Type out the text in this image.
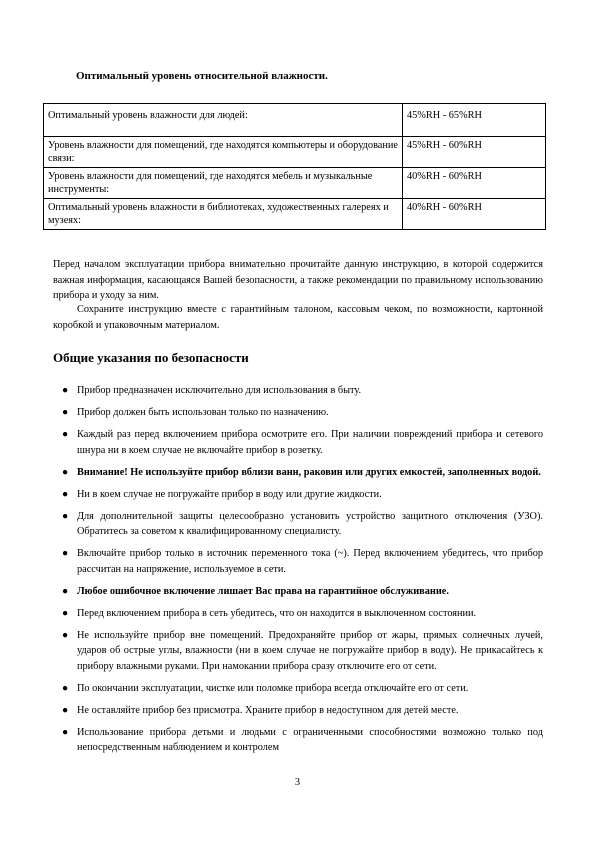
Оптимальный уровень относительной влажности.
Оптимальный уровень влажности для людей:	45%RH - 65%RH
Уровень влажности для помещений, где находятся компьютеры и оборудование связи:	45%RH - 60%RH
Уровень влажности для помещений, где находятся мебель и музыкальные инструменты:	40%RH - 60%RH
Оптимальный уровень влажности в библиотеках, художественных галереях и музеях:	40%RH - 60%RH

Перед началом эксплуатации прибора внимательно прочитайте данную инструкцию, в которой содержится важная информация, касающаяся Вашей безопасности, а также рекомендации по правильному использованию прибора и уходу за ним.

Сохраните инструкцию вместе с гарантийным талоном, кассовым чеком, по возможности, картонной коробкой и упаковочным материалом.

Общие указания по безопасности
● Прибор предназначен исключительно для использования в быту.
● Прибор должен быть использован только по назначению.
● Каждый раз перед включением прибора осмотрите его. При наличии повреждений прибора и сетевого шнура ни в коем случае не включайте прибор в розетку.
● Внимание! Не используйте прибор вблизи ванн, раковин или других емкостей, заполненных водой.
● Ни в коем случае не погружайте прибор в воду или другие жидкости.
● Для дополнительной защиты целесообразно установить устройство защитного отключения (УЗО). Обратитесь за советом к квалифицированному специалисту.
● Включайте прибор только в источник переменного тока (~). Перед включением убедитесь, что прибор рассчитан на напряжение, используемое в сети.
● Любое ошибочное включение лишает Вас права на гарантийное обслуживание.
● Перед включением прибора в сеть убедитесь, что он находится в выключенном состоянии.
● Не используйте прибор вне помещений. Предохраняйте прибор от жары, прямых солнечных лучей, ударов об острые углы, влажности (ни в коем случае не погружайте прибор в воду). Не прикасайтесь к прибору влажными руками. При намокании прибора сразу отключите его от сети.
● По окончании эксплуатации, чистке или поломке прибора всегда отключайте его от сети.
● Не оставляйте прибор без присмотра. Храните прибор в недоступном для детей месте.
● Использование прибора детьми и людьми с ограниченными способностями возможно только под непосредственным наблюдением и контролем
3
